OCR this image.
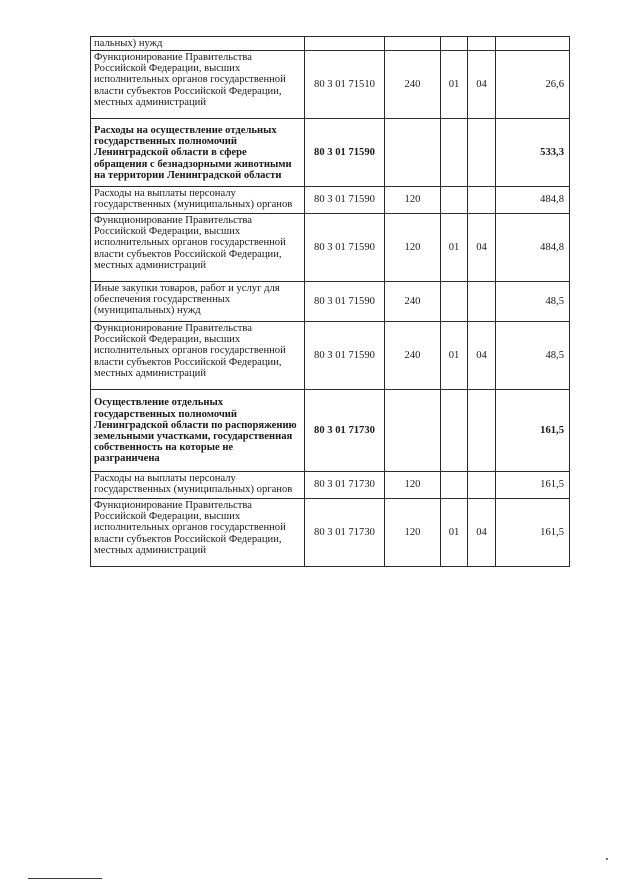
пальных) нужд					
Функционирование Правительства Российской Федерации, высших исполнительных органов государственной власти субъектов Российской Федерации, местных администраций	80 3 01 71510	240	01	04	26,6
Расходы на осуществление отдельных государственных полномочий Ленинградской области в сфере обращения с безнадзорными животными на территории Ленинградской области	80 3 01 71590				533,3
Расходы на выплаты персоналу государственных (муниципальных) органов	80 3 01 71590	120			484,8
Функционирование Правительства Российской Федерации, высших исполнительных органов государственной власти субъектов Российской Федерации, местных администраций	80 3 01 71590	120	01	04	484,8
Иные закупки товаров, работ и услуг для обеспечения государственных (муниципальных) нужд	80 3 01 71590	240			48,5
Функционирование Правительства Российской Федерации, высших исполнительных органов государственной власти субъектов Российской Федерации, местных администраций	80 3 01 71590	240	01	04	48,5
Осуществление отдельных государственных полномочий Ленинградской области по распоряжению земельными участками, государственная собственность на которые не разграничена	80 3 01 71730				161,5
Расходы на выплаты персоналу государственных (муниципальных) органов	80 3 01 71730	120			161,5
Функционирование Правительства Российской Федерации, высших исполнительных органов государственной власти субъектов Российской Федерации, местных администраций	80 3 01 71730	120	01	04	161,5
